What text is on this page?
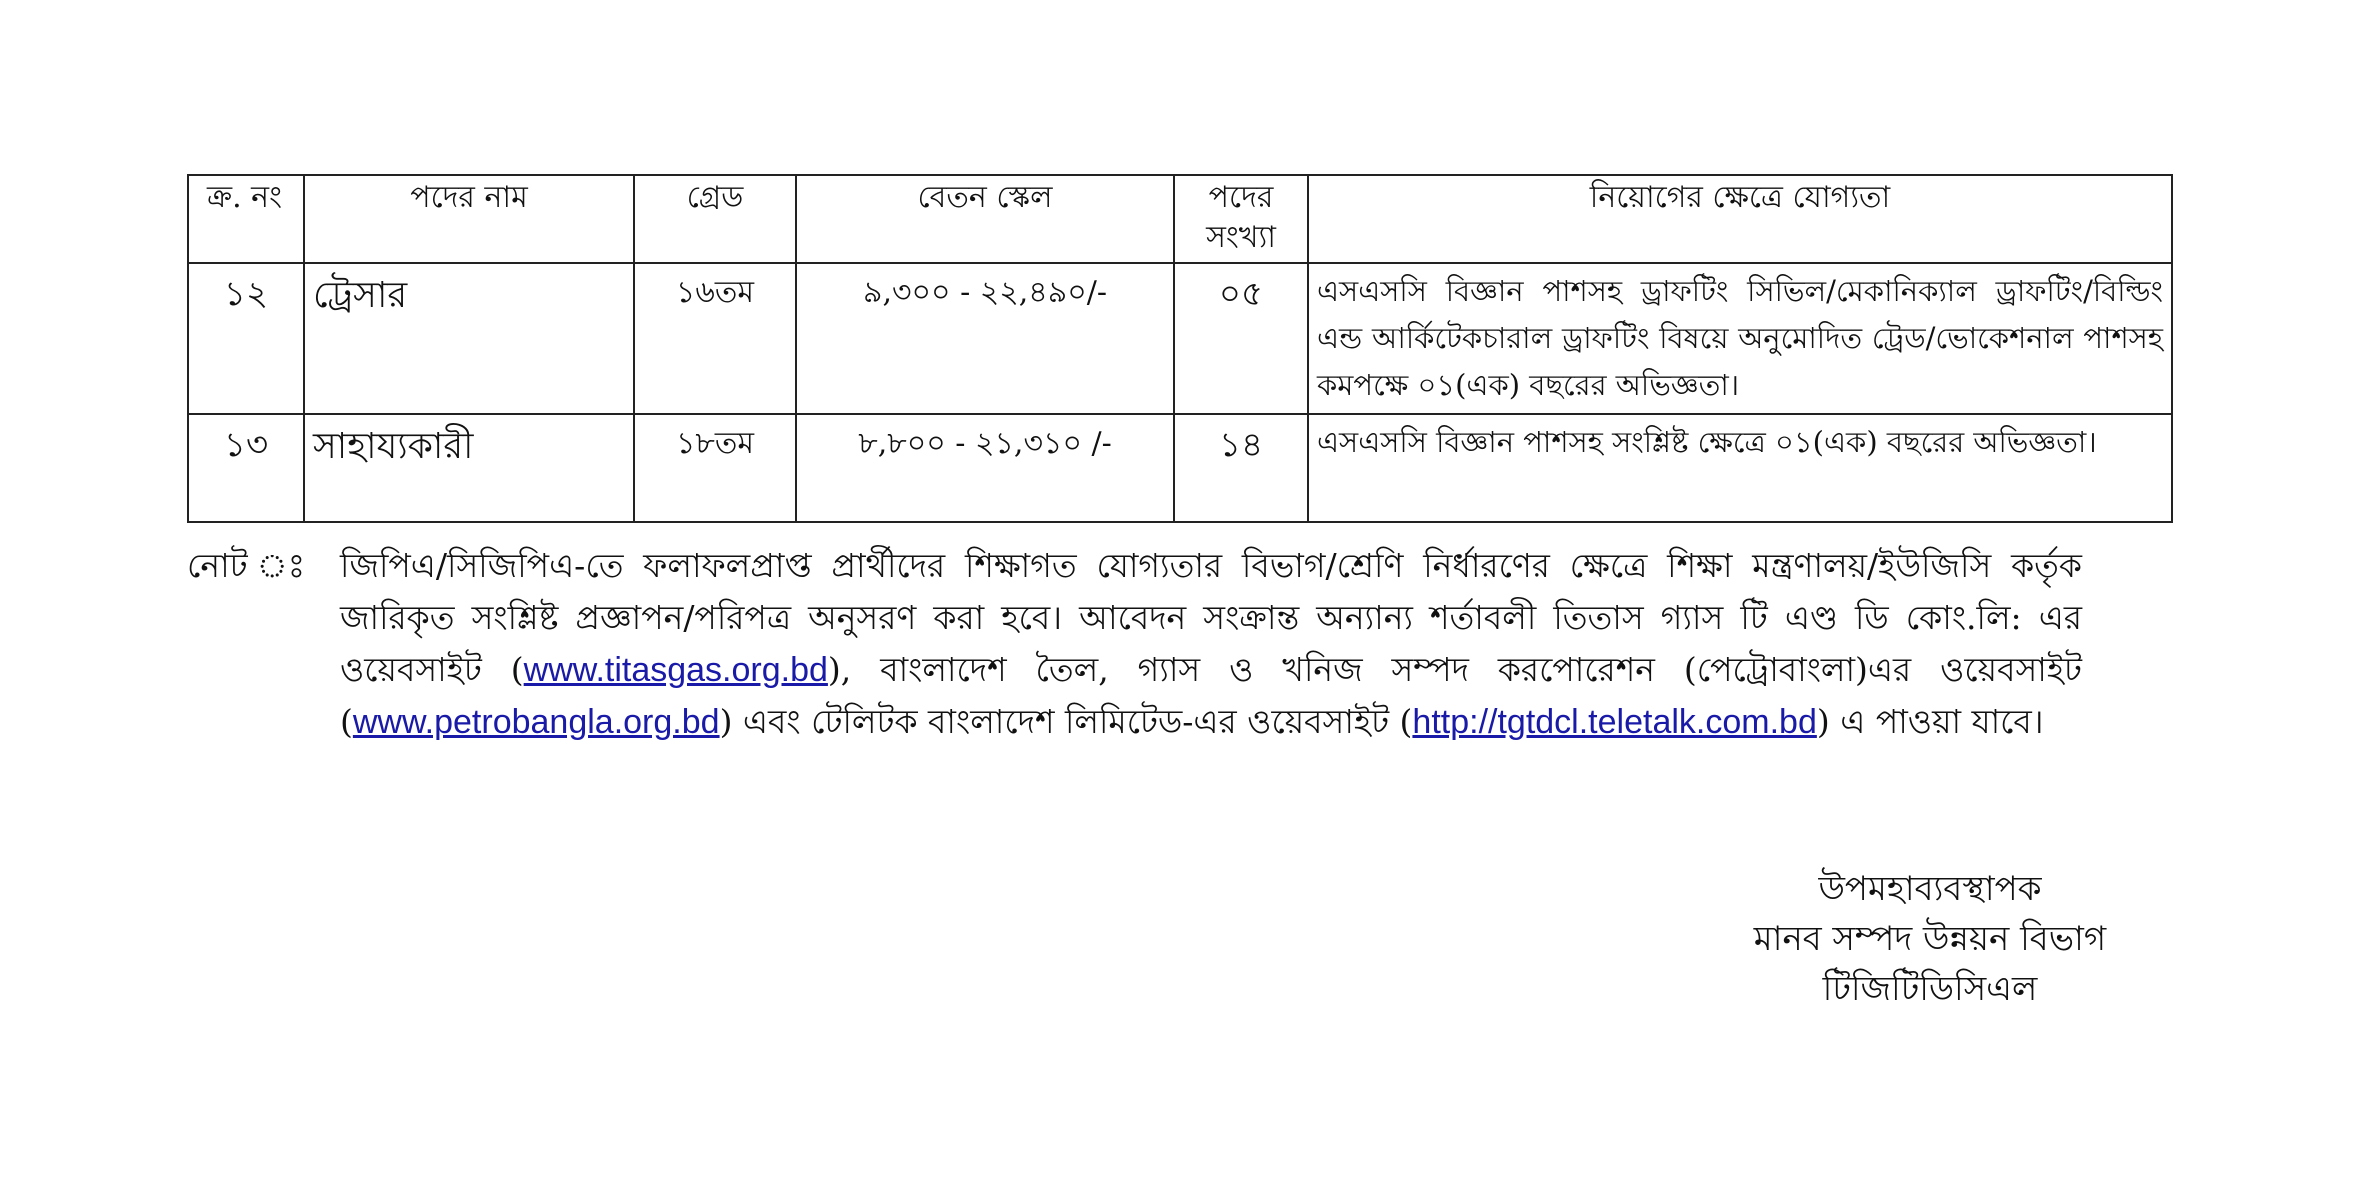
ক্র. নং	পদের নাম	গ্রেড	বেতন স্কেল	পদের সংখ্যা	নিয়োগের ক্ষেত্রে যোগ্যতা
১২	ট্রেসার	১৬তম	৯,৩০০ - ২২,৪৯০/-	০৫	এসএসসি বিজ্ঞান পাশসহ ড্রাফটিং সিভিল/মেকানিক্যাল ড্রাফটিং/বিল্ডিং এন্ড আর্কিটেকচারাল ড্রাফটিং বিষয়ে অনুমোদিত ট্রেড/ভোকেশনাল পাশসহ কমপক্ষে ০১(এক) বছরের অভিজ্ঞতা।
১৩	সাহায্যকারী	১৮তম	৮,৮০০ - ২১,৩১০ /-	১৪	এসএসসি বিজ্ঞান পাশসহ সংশ্লিষ্ট ক্ষেত্রে ০১(এক) বছরের অভিজ্ঞতা।
নোট ঃ জিপিএ/সিজিপিএ-তে ফলাফলপ্রাপ্ত প্রার্থীদের শিক্ষাগত যোগ্যতার বিভাগ/শ্রেণি নির্ধারণের ক্ষেত্রে শিক্ষা মন্ত্রণালয়/ইউজিসি কর্তৃক জারিকৃত সংশ্লিষ্ট প্রজ্ঞাপন/পরিপত্র অনুসরণ করা হবে। আবেদন সংক্রান্ত অন্যান্য শর্তাবলী তিতাস গ্যাস টি এণ্ড ডি কোং.লি: এর ওয়েবসাইট (www.titasgas.org.bd), বাংলাদেশ তৈল, গ্যাস ও খনিজ সম্পদ করপোরেশন (পেট্রোবাংলা)এর ওয়েবসাইট (www.petrobangla.org.bd) এবং টেলিটক বাংলাদেশ লিমিটেড-এর ওয়েবসাইট (http://tgtdcl.teletalk.com.bd) এ পাওয়া যাবে।
উপমহাব্যবস্থাপক
মানব সম্পদ উন্নয়ন বিভাগ
টিজিটিডিসিএল
